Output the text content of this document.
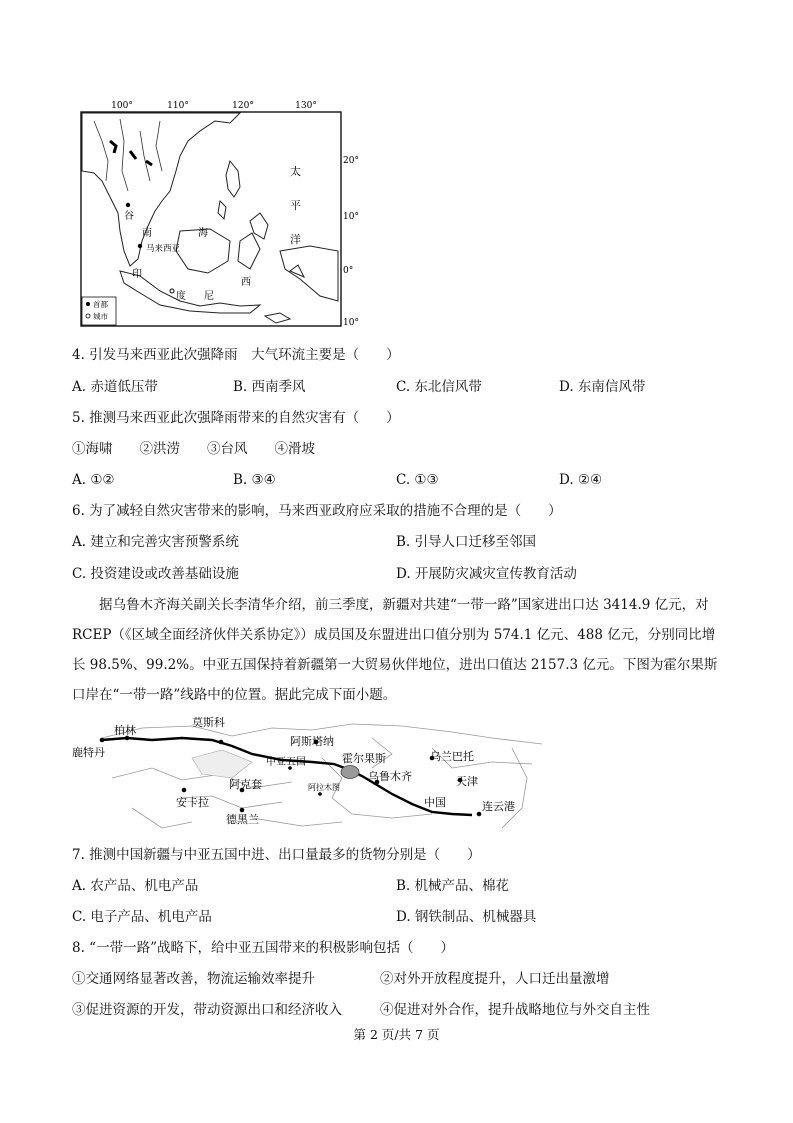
100°	110°	120°	130°
20°
10°
0°
10°
谷
南	海
马来西亚
印
度 尼
西
太
平
洋
首都
城市
4. 引发马来西亚此次强降雨　大气环流主要是（　　）
A. 赤道低压带	B. 西南季风	C. 东北信风带	D. 东南信风带
5. 推测马来西亚此次强降雨带来的自然灾害有（　　）
①海啸　　②洪涝　　③台风　　④滑坡
A. ①②	B. ③④	C. ①③	D. ②④
6. 为了减轻自然灾害带来的影响，马来西亚政府应采取的措施不合理的是（　　）
A. 建立和完善灾害预警系统	B. 引导人口迁移至邻国
C. 投资建设或改善基础设施	D. 开展防灾减灾宣传教育活动
据乌鲁木齐海关副关长李清华介绍，前三季度，新疆对共建“一带一路”国家进出口达 3414.9 亿元，对 RCEP（《区域全面经济伙伴关系协定》）成员国及东盟进出口值分别为 574.1 亿元、488 亿元，分别同比增长 98.5%、99.2%。中亚五国保持着新疆第一大贸易伙伴地位，进出口值达 2157.3 亿元。下图为霍尔果斯口岸在“一带一路”线路中的位置。据此完成下面小题。
柏林
莫斯科
鹿特丹
阿斯塔纳
中亚五国	霍尔果斯
乌鲁木齐
乌兰巴托
天津
阿克套	阿拉木图
安卡拉
德黑兰
中国	连云港
7. 推测中国新疆与中亚五国中进、出口量最多的货物分别是（　　）
A. 农产品、机电产品	B. 机械产品、棉花
C. 电子产品、机电产品	D. 钢铁制品、机械器具
8. “一带一路”战略下，给中亚五国带来的积极影响包括（　　）
①交通网络显著改善，物流运输效率提升	②对外开放程度提升，人口迁出量激增
③促进资源的开发，带动资源出口和经济收入	④促进对外合作，提升战略地位与外交自主性
第 2 页/共 7 页
